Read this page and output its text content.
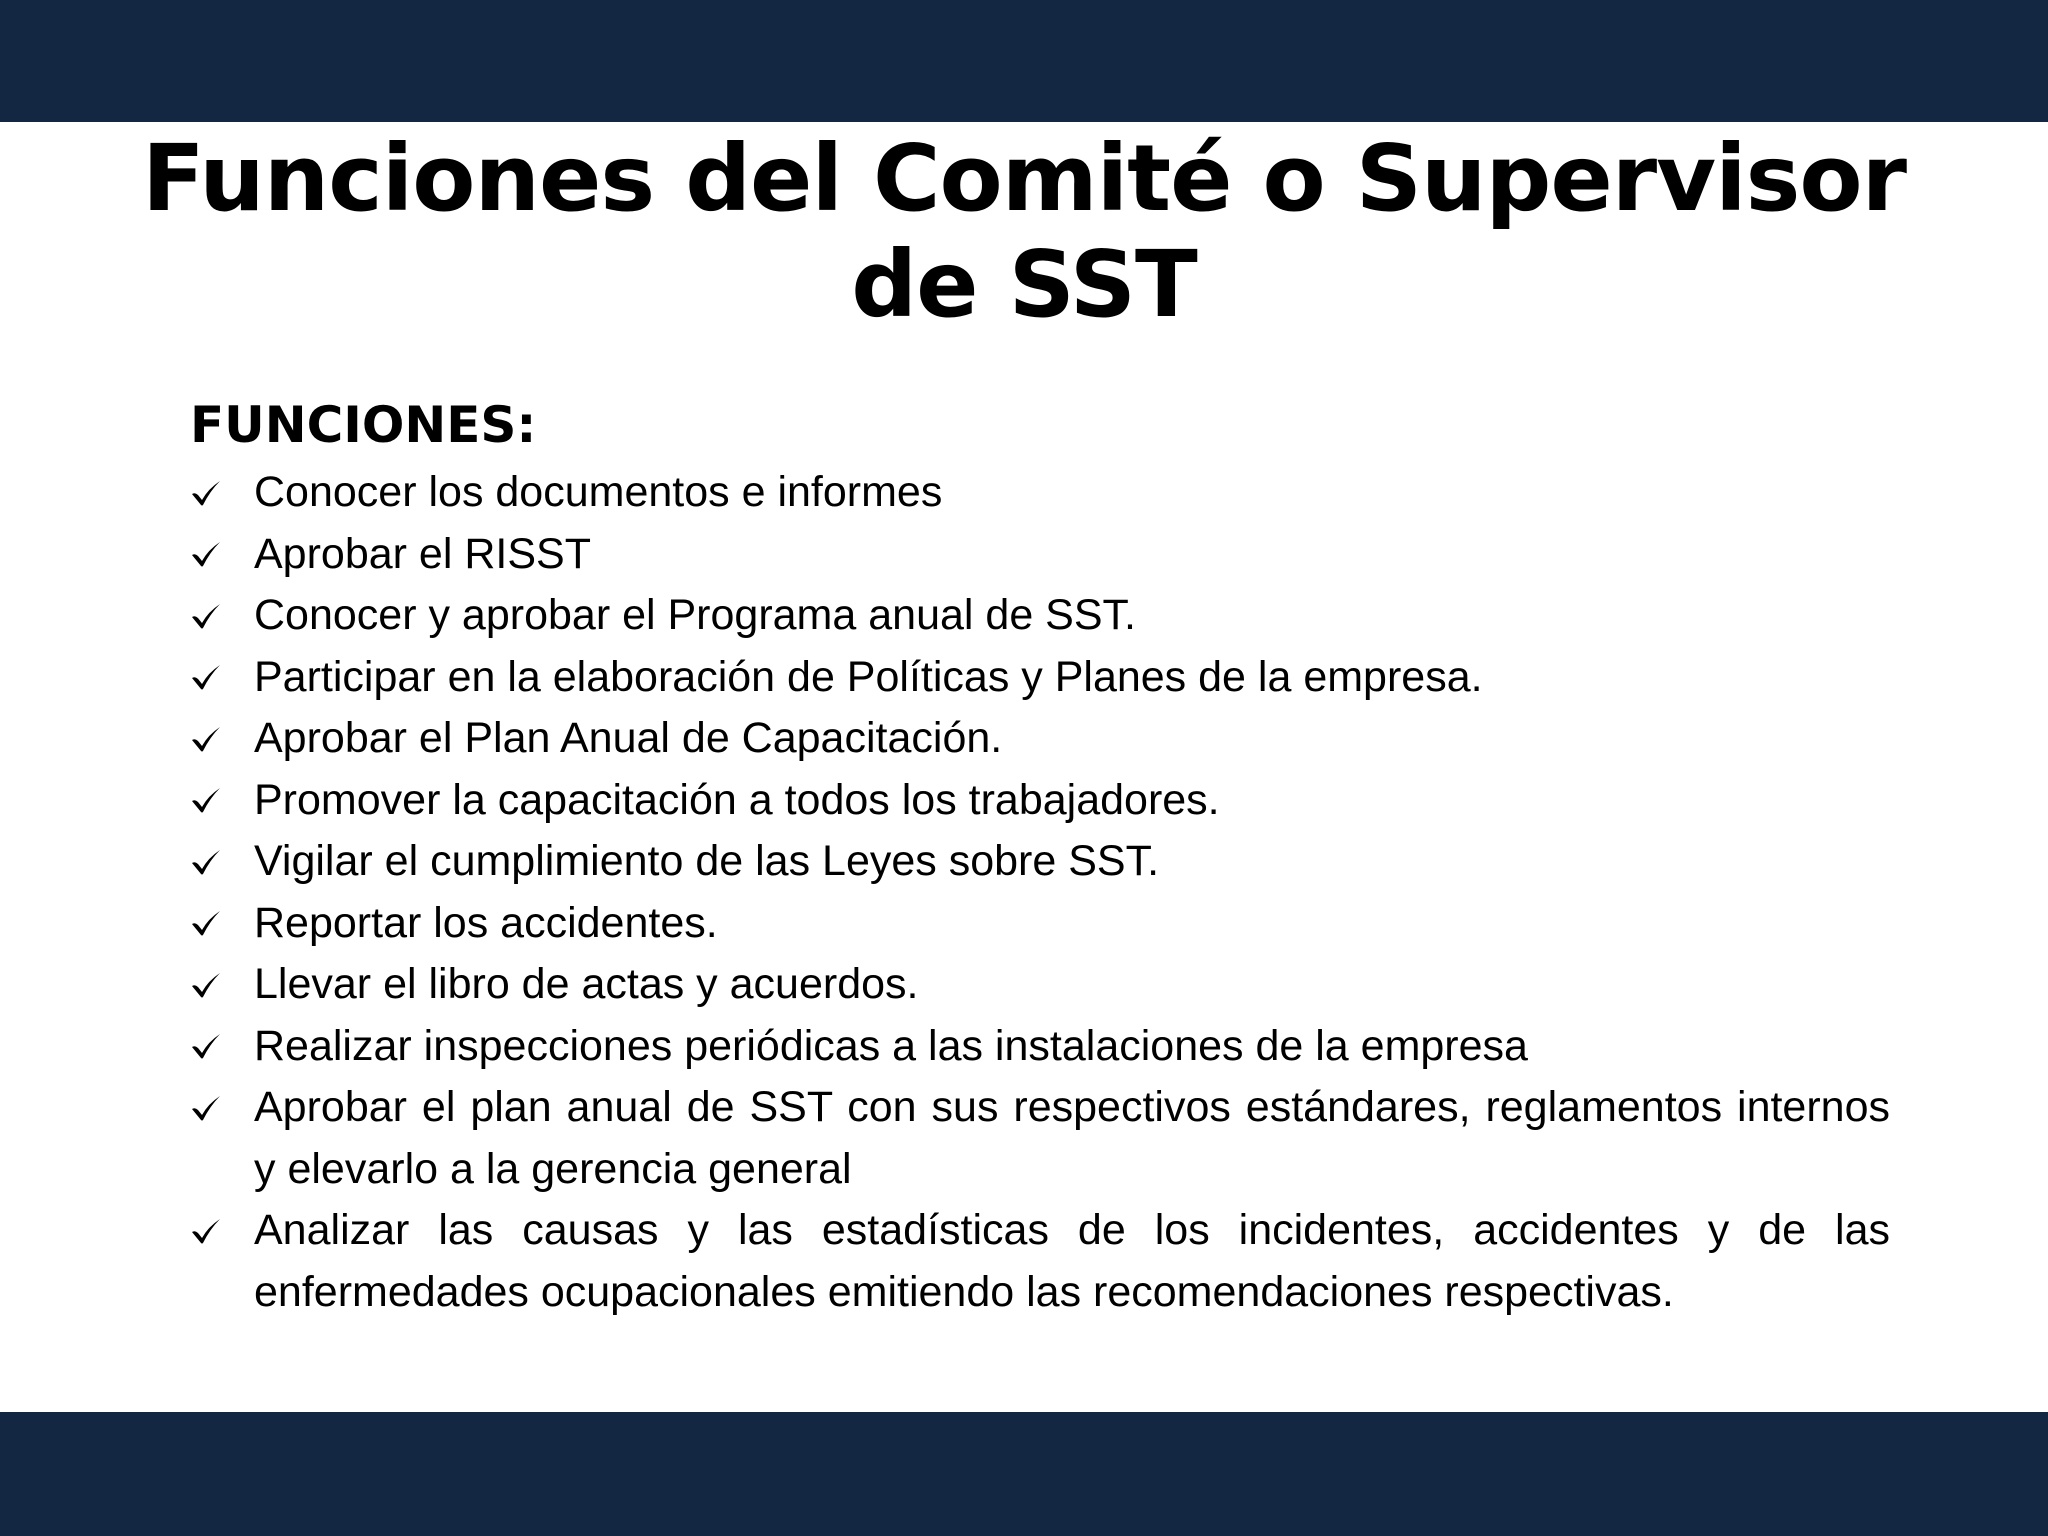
Funciones del Comité o Supervisor de SST
FUNCIONES:
Conocer los documentos e informes
Aprobar el RISST
Conocer y aprobar el Programa anual de SST.
Participar en la elaboración de Políticas y Planes de la empresa.
Aprobar el Plan Anual de Capacitación.
Promover la capacitación a todos los trabajadores.
Vigilar el cumplimiento de las Leyes sobre SST.
Reportar los accidentes.
Llevar el libro de actas y acuerdos.
Realizar inspecciones periódicas a las instalaciones de la empresa
Aprobar el plan anual de SST con sus respectivos estándares, reglamentos internos y elevarlo a la gerencia general
Analizar las causas y las estadísticas de los incidentes, accidentes y de las enfermedades ocupacionales emitiendo las recomendaciones respectivas.
